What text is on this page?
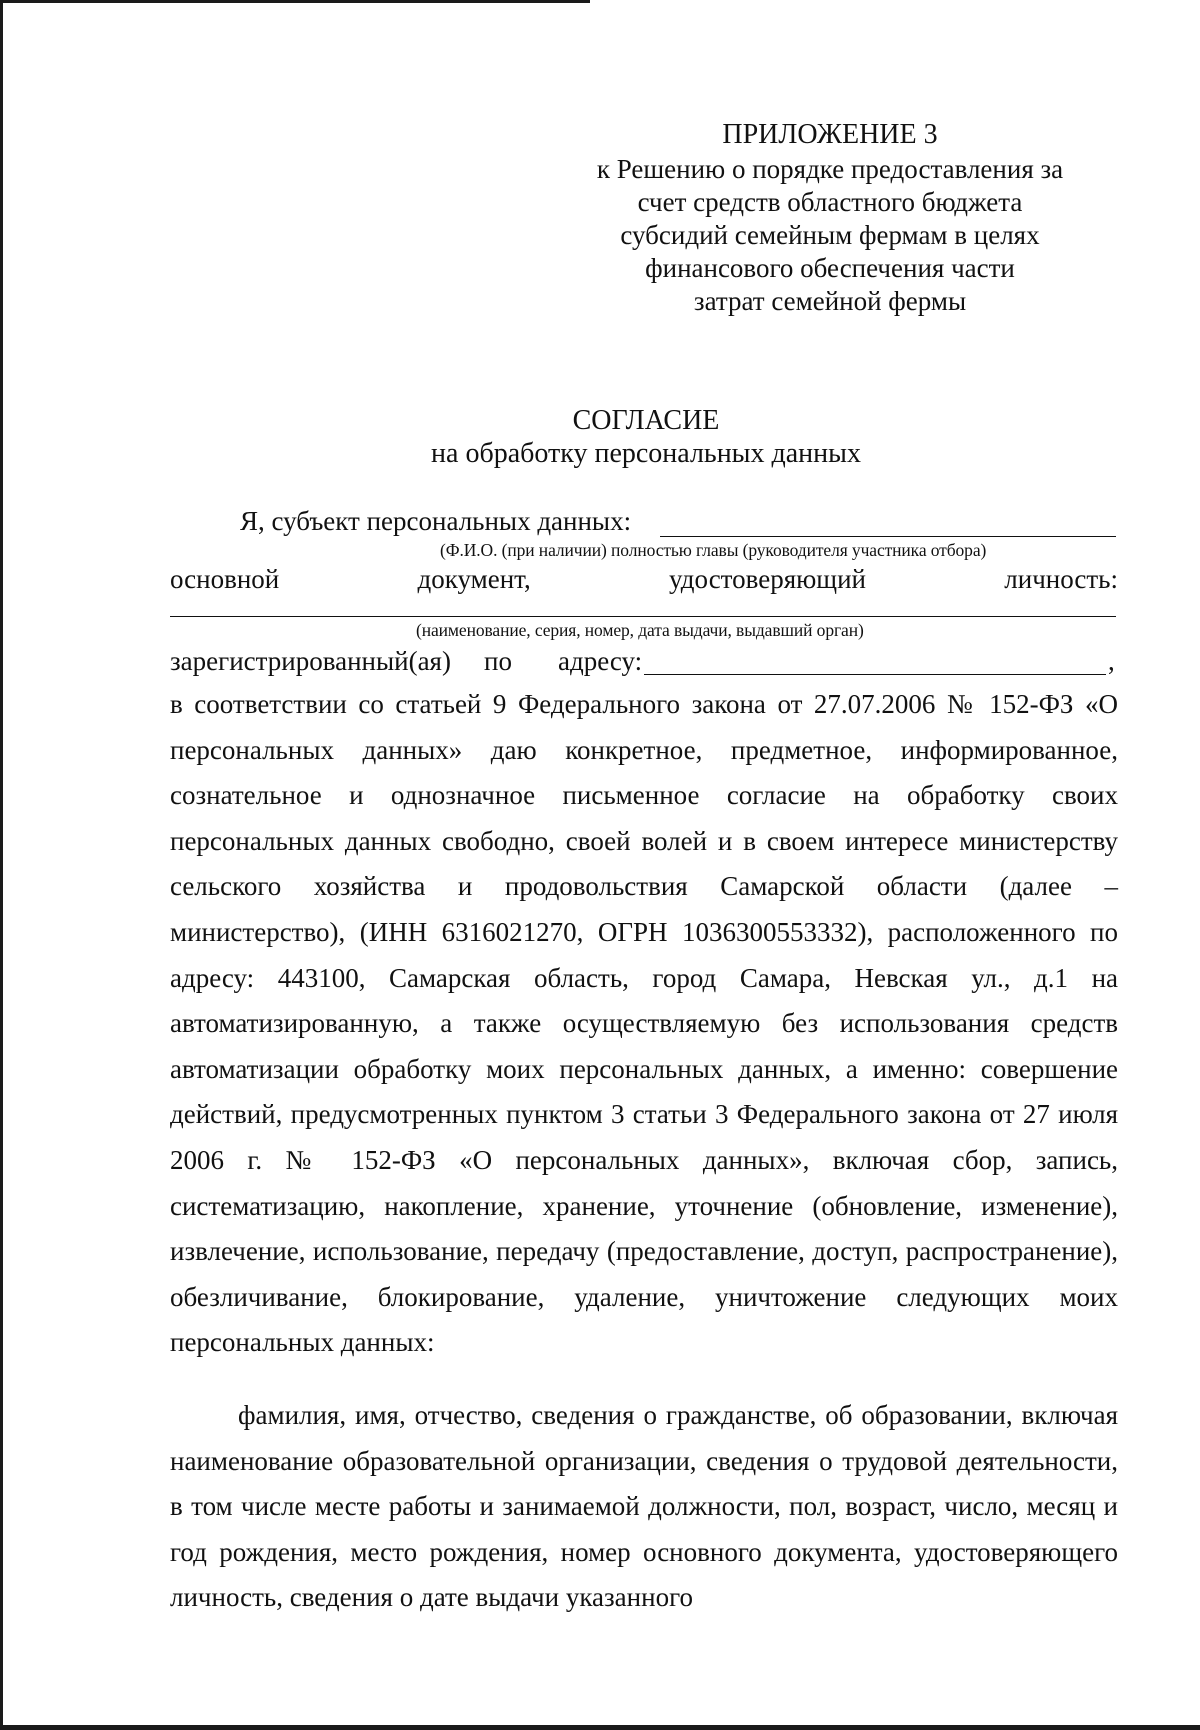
ПРИЛОЖЕНИЕ 3
к Решению о порядке предоставления за
счет средств областного бюджета
субсидий семейным фермам в целях
финансового обеспечения части
затрат семейной фермы
СОГЛАСИЕ
на обработку персональных данных
Я, субъект персональных данных:
(Ф.И.О. (при наличии) полностью главы (руководителя участника отбора)
основной	документ,	удостоверяющий	личность:
(наименование, серия, номер, дата выдачи, выдавший орган)
зарегистрированный(ая) по адресу:	,
в соответствии со статьей 9 Федерального закона от 27.07.2006 № 152-ФЗ «О персональных данных» даю конкретное, предметное, информированное, сознательное и однозначное письменное согласие на обработку своих персональных данных свободно, своей волей и в своем интересе министерству сельского хозяйства и продовольствия Самарской области (далее – министерство), (ИНН 6316021270, ОГРН 1036300553332), расположенного по адресу: 443100, Самарская область, город Самара, Невская ул., д.1 на автоматизированную, а также осуществляемую без использования средств автоматизации обработку моих персональных данных, а именно: совершение действий, предусмотренных пунктом 3 статьи 3 Федерального закона от 27 июля 2006 г. № 152-ФЗ «О персональных данных», включая сбор, запись, систематизацию, накопление, хранение, уточнение (обновление, изменение), извлечение, использование, передачу (предоставление, доступ, распространение), обезличивание, блокирование, удаление, уничтожение следующих моих персональных данных:
фамилия, имя, отчество, сведения о гражданстве, об образовании, включая наименование образовательной организации, сведения о трудовой деятельности, в том числе месте работы и занимаемой должности, пол, возраст, число, месяц и год рождения, место рождения, номер основного документа, удостоверяющего личность, сведения о дате выдачи указанного
